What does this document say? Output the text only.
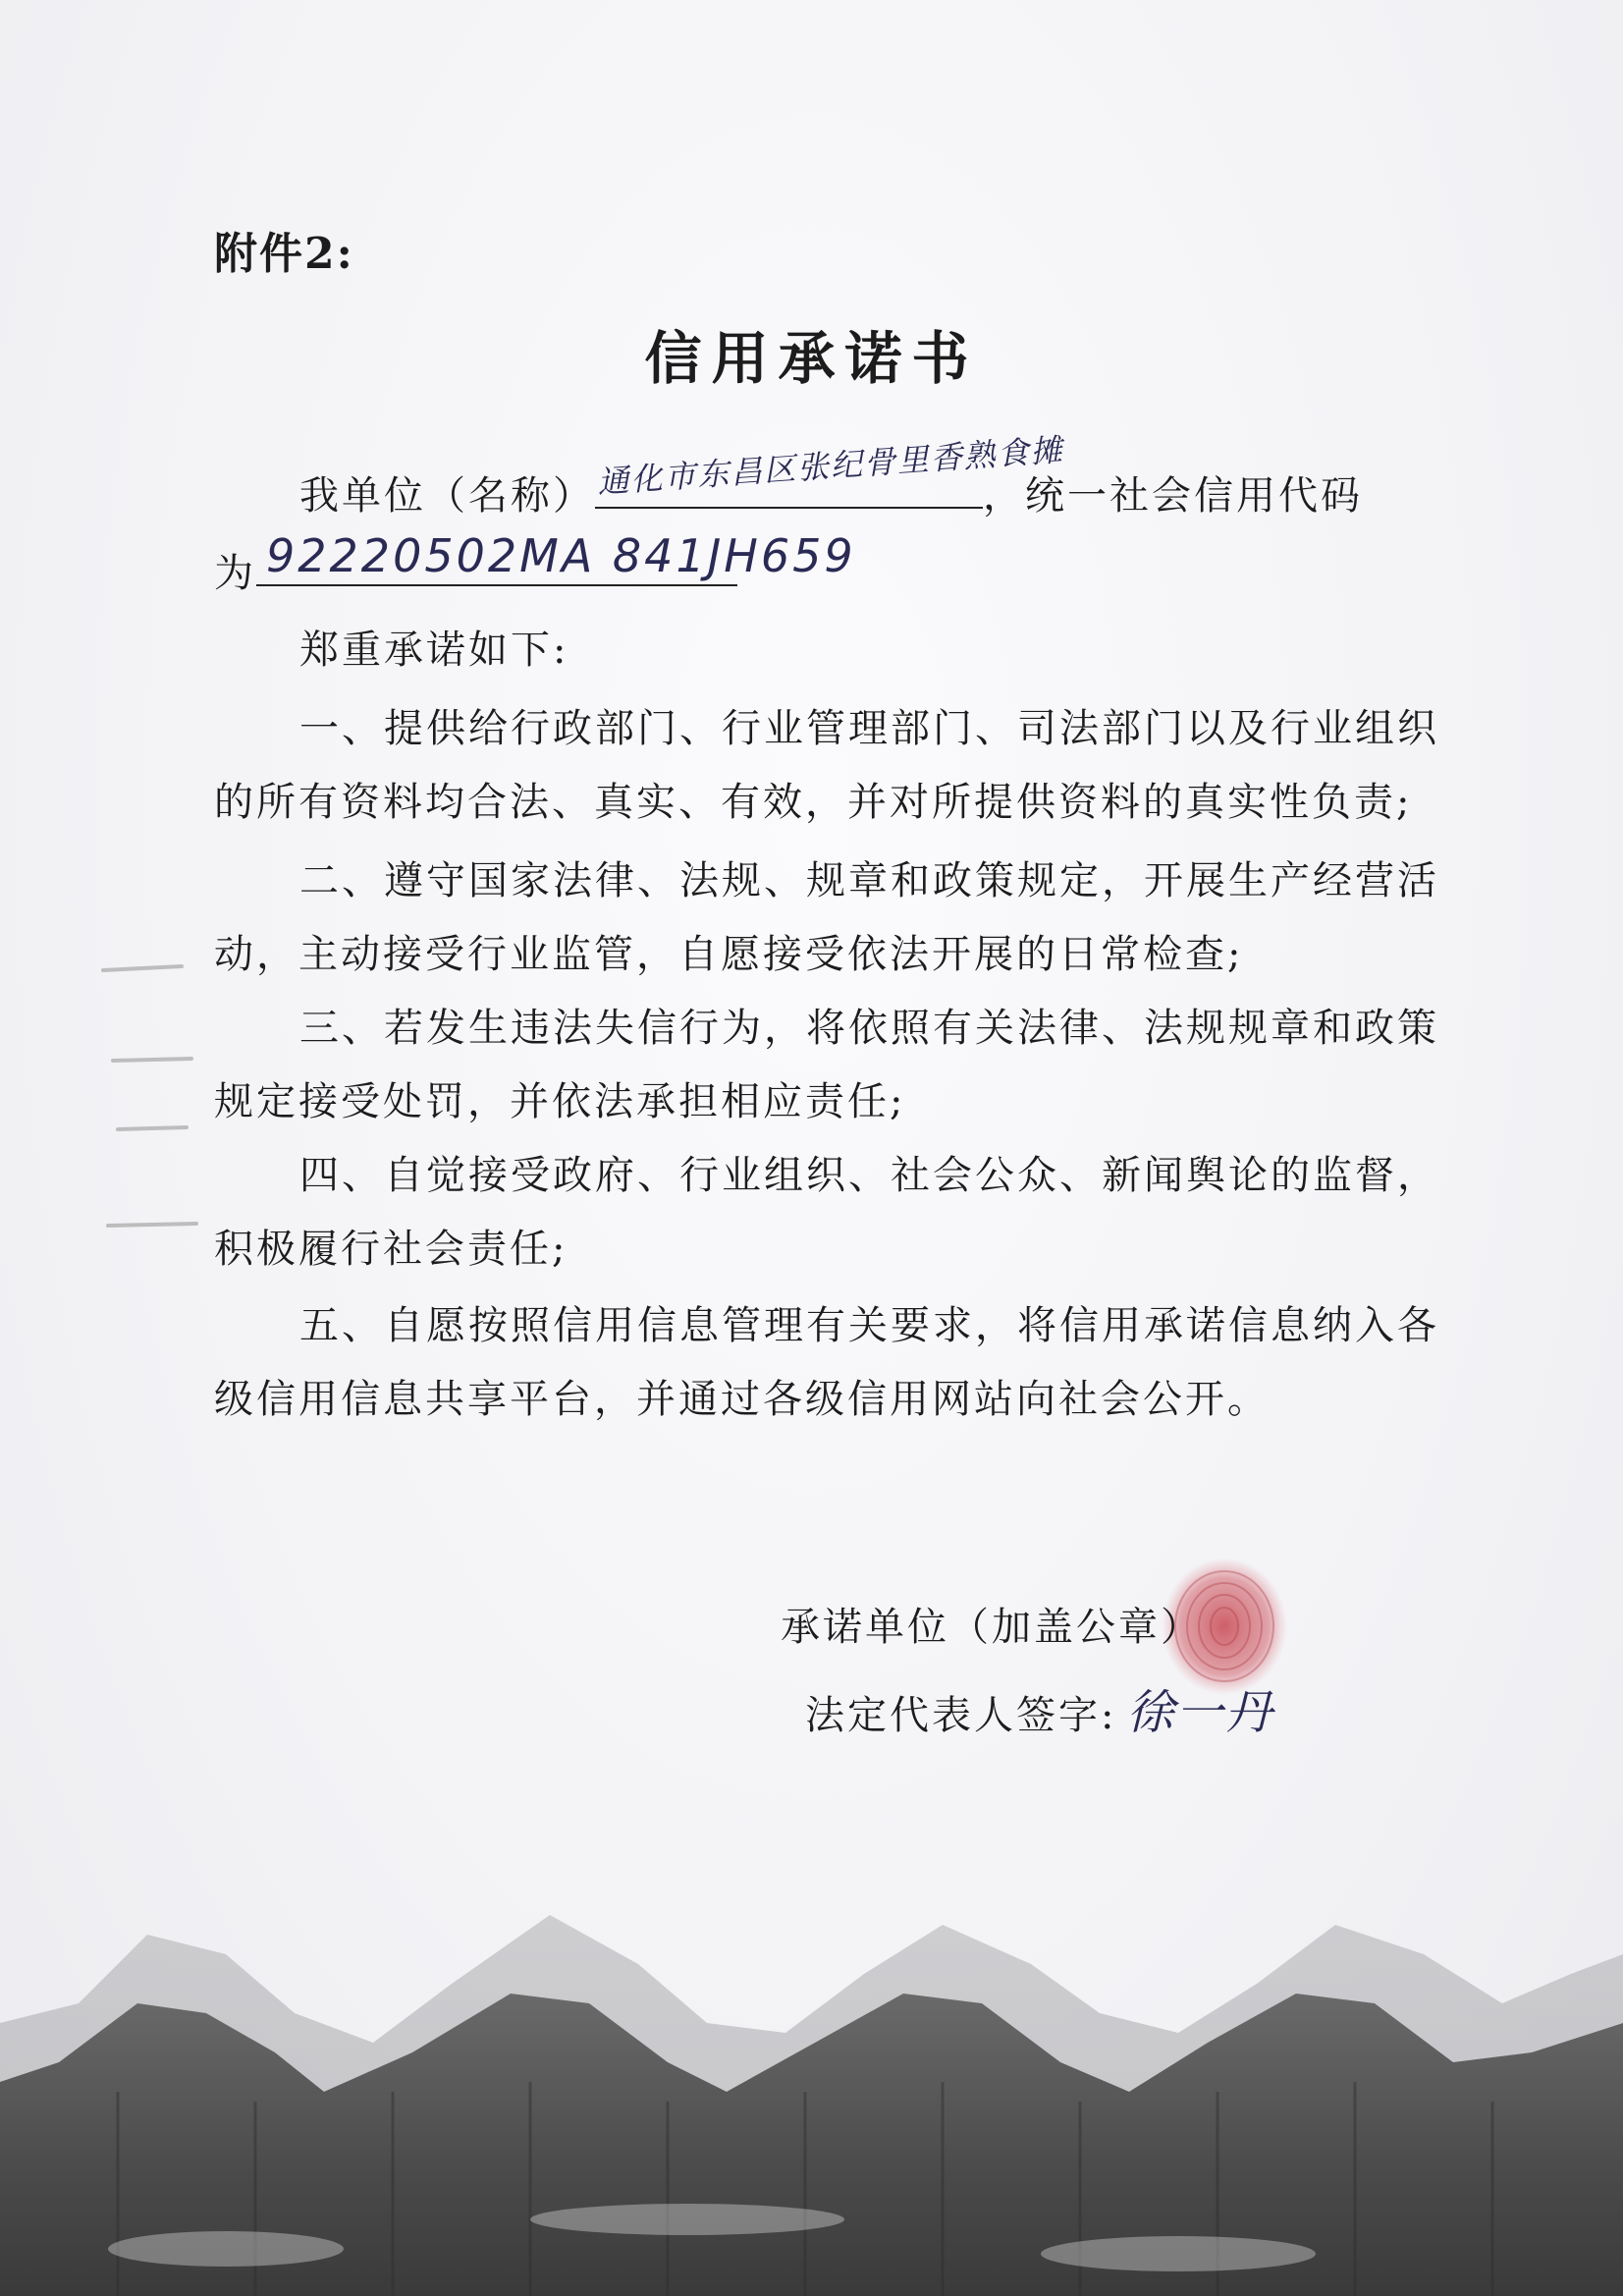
附件2:
信用承诺书
我单位（名称） 通化市东昌区张纪骨里香熟食摊
，统一社会信用代码
为 92220502MA 841JH659
郑重承诺如下:
一、提供给行政部门、行业管理部门、司法部门以及行业组织
的所有资料均合法、真实、有效，并对所提供资料的真实性负责;
二、遵守国家法律、法规、规章和政策规定，开展生产经营活
动，主动接受行业监管，自愿接受依法开展的日常检查;
三、若发生违法失信行为，将依照有关法律、法规规章和政策
规定接受处罚，并依法承担相应责任;
四、自觉接受政府、行业组织、社会公众、新闻舆论的监督，
积极履行社会责任;
五、自愿按照信用信息管理有关要求，将信用承诺信息纳入各
级信用信息共享平台，并通过各级信用网站向社会公开。
承诺单位（加盖公章）
法定代表人签字: 徐一丹
